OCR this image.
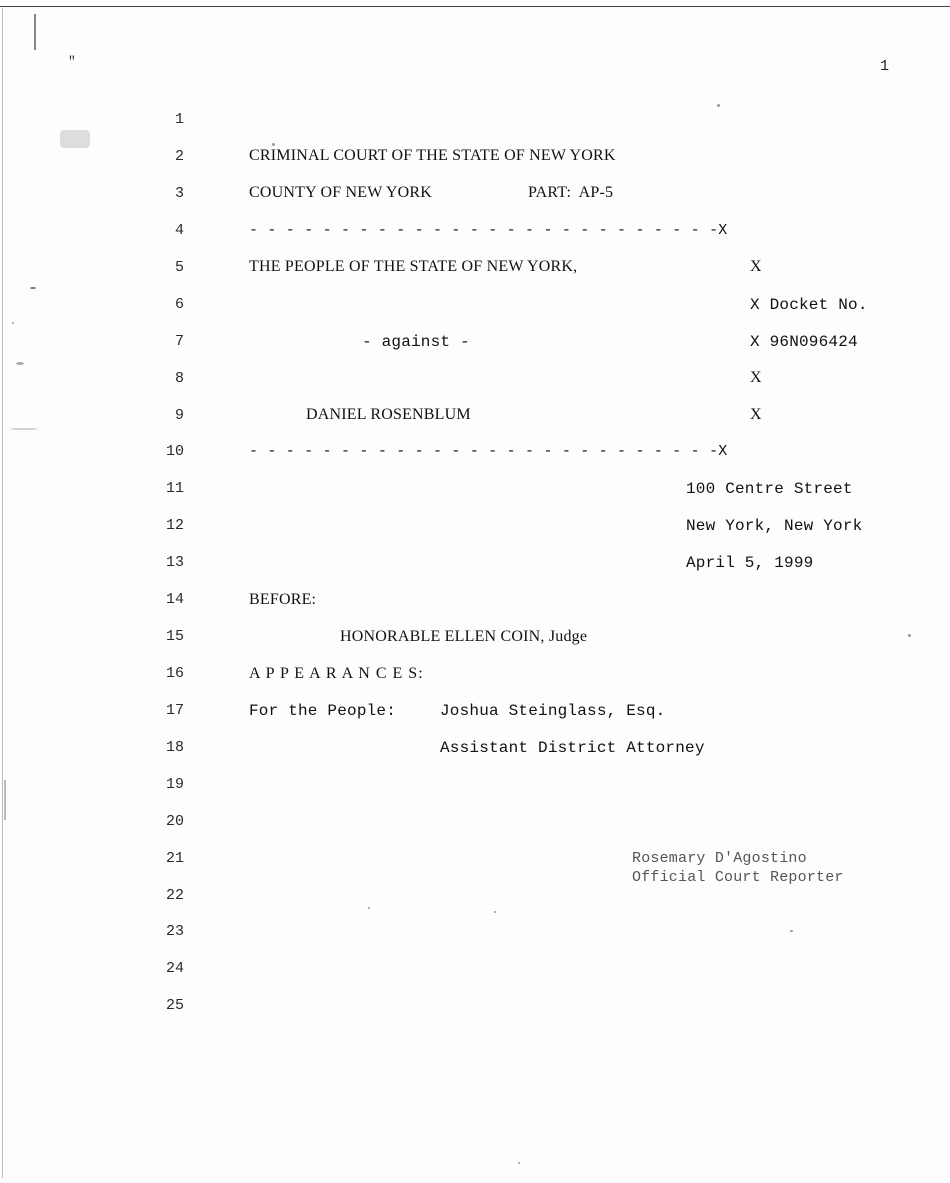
"	1
1
2
3
4
5
6
7
8
9
10
11
12
13
14
15
16
17
18
19
20
21
22
23
24
25
CRIMINAL COURT OF THE STATE OF NEW YORK
COUNTY OF NEW YORK	PART:  AP-5
- - - - - - - - - - - - - - - - - - - - - - - - - -X
THE PEOPLE OF THE STATE OF NEW YORK,	X
X Docket No.
- against -	X 96N096424
X
DANIEL ROSENBLUM	X
- - - - - - - - - - - - - - - - - - - - - - - - - -X
100 Centre Street
New York, New York
April 5, 1999
BEFORE:
HONORABLE ELLEN COIN, Judge
A P P E A R A N C E S:
For the People:	Joshua Steinglass, Esq.
Assistant District Attorney
Rosemary D'Agostino
Official Court Reporter
